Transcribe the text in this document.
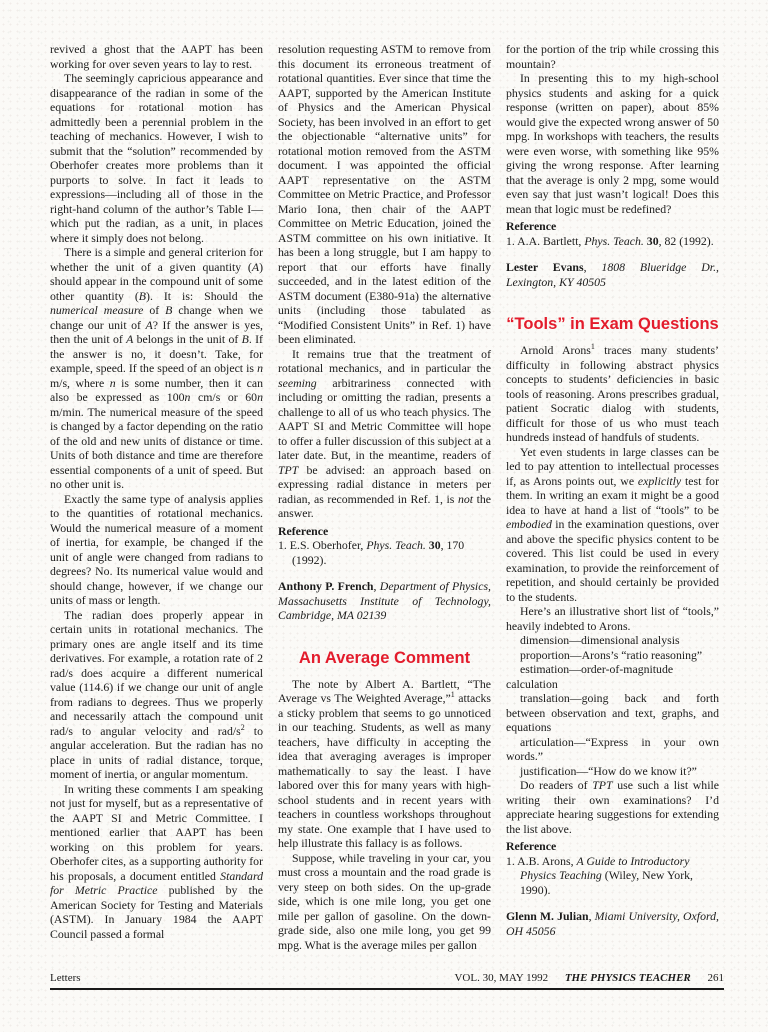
revived a ghost that the AAPT has been working for over seven years to lay to rest.

The seemingly capricious appearance and disappearance of the radian in some of the equations for rotational motion has admittedly been a perennial problem in the teaching of mechanics. However, I wish to submit that the “solution” recommended by Oberhofer creates more problems than it purports to solve. In fact it leads to expressions—including all of those in the right-hand column of the author’s Table I—which put the radian, as a unit, in places where it simply does not belong.

There is a simple and general criterion for whether the unit of a given quantity (A) should appear in the compound unit of some other quantity (B). It is: Should the numerical measure of B change when we change our unit of A? If the answer is yes, then the unit of A belongs in the unit of B. If the answer is no, it doesn’t. Take, for example, speed. If the speed of an object is n m/s, where n is some number, then it can also be expressed as 100n cm/s or 60n m/min. The numerical measure of the speed is changed by a factor depending on the ratio of the old and new units of distance or time. Units of both distance and time are therefore essential components of a unit of speed. But no other unit is.

Exactly the same type of analysis applies to the quantities of rotational mechanics. Would the numerical measure of a moment of inertia, for example, be changed if the unit of angle were changed from radians to degrees? No. Its numerical value would and should change, however, if we change our units of mass or length.

The radian does properly appear in certain units in rotational mechanics. The primary ones are angle itself and its time derivatives. For example, a rotation rate of 2 rad/s does acquire a different numerical value (114.6) if we change our unit of angle from radians to degrees. Thus we properly and necessarily attach the compound unit rad/s to angular velocity and rad/$s^2$ to angular acceleration. But the radian has no place in units of radial distance, torque, moment of inertia, or angular momentum.

In writing these comments I am speaking not just for myself, but as a representative of the AAPT SI and Metric Committee. I mentioned earlier that AAPT has been working on this problem for years. Oberhofer cites, as a supporting authority for his proposals, a document entitled Standard for Metric Practice published by the American Society for Testing and Materials (ASTM). In January 1984 the AAPT Council passed a formal

resolution requesting ASTM to remove from this document its erroneous treatment of rotational quantities. Ever since that time the AAPT, supported by the American Institute of Physics and the American Physical Society, has been involved in an effort to get the objectionable “alternative units” for rotational motion removed from the ASTM document. I was appointed the official AAPT representative on the ASTM Committee on Metric Practice, and Professor Mario Iona, then chair of the AAPT Committee on Metric Education, joined the ASTM committee on his own initiative. It has been a long struggle, but I am happy to report that our efforts have finally succeeded, and in the latest edition of the ASTM document (E380-91a) the alternative units (including those tabulated as “Modified Consistent Units” in Ref. 1) have been eliminated.

It remains true that the treatment of rotational mechanics, and in particular the seeming arbitrariness connected with including or omitting the radian, presents a challenge to all of us who teach physics. The AAPT SI and Metric Committee will hope to offer a fuller discussion of this subject at a later date. But, in the meantime, readers of TPT be advised: an approach based on expressing radial distance in meters per radian, as recommended in Ref. 1, is not the answer.

Reference

1. E.S. Oberhofer, Phys. Teach. 30, 170 (1992).

Anthony P. French, Department of Physics, Massachusetts Institute of Technology, Cambridge, MA 02139

An Average Comment

The note by Albert A. Bartlett, “The Average vs The Weighted Average,”$^1$ attacks a sticky problem that seems to go unnoticed in our teaching. Students, as well as many teachers, have difficulty in accepting the idea that averaging averages is improper mathematically to say the least. I have labored over this for many years with high-school students and in recent years with teachers in countless workshops throughout my state. One example that I have used to help illustrate this fallacy is as follows.

Suppose, while traveling in your car, you must cross a mountain and the road grade is very steep on both sides. On the up-grade side, which is one mile long, you get one mile per gallon of gasoline. On the down-grade side, also one mile long, you get 99 mpg. What is the average miles per gallon

for the portion of the trip while crossing this mountain?

In presenting this to my high-school physics students and asking for a quick response (written on paper), about 85% would give the expected wrong answer of 50 mpg. In workshops with teachers, the results were even worse, with something like 95% giving the wrong response. After learning that the average is only 2 mpg, some would even say that just wasn’t logical! Does this mean that logic must be redefined?

Reference

1. A.A. Bartlett, Phys. Teach. 30, 82 (1992).

Lester Evans, 1808 Blueridge Dr., Lexington, KY 40505

“Tools” in Exam Questions

Arnold Arons$^1$ traces many students’ difficulty in following abstract physics concepts to students’ deficiencies in basic tools of reasoning. Arons prescribes gradual, patient Socratic dialog with students, difficult for those of us who must teach hundreds instead of handfuls of students.

Yet even students in large classes can be led to pay attention to intellectual processes if, as Arons points out, we explicitly test for them. In writing an exam it might be a good idea to have at hand a list of “tools” to be embodied in the examination questions, over and above the specific physics content to be covered. This list could be used in every examination, to provide the reinforcement of repetition, and should certainly be provided to the students.

Here’s an illustrative short list of “tools,” heavily indebted to Arons.

dimension—dimensional analysis

proportion—Arons’s “ratio reasoning”

estimation—order-of-magnitude calculation

translation—going back and forth between observation and text, graphs, and equations

articulation—“Express in your own words.”

justification—“How do we know it?”

Do readers of TPT use such a list while writing their own examinations? I’d appreciate hearing suggestions for extending the list above.

Reference

1. A.B. Arons, A Guide to Introductory Physics Teaching (Wiley, New York, 1990).

Glenn M. Julian, Miami University, Oxford, OH 45056

Letters	VOL. 30, MAY 1992 THE PHYSICS TEACHER 261
